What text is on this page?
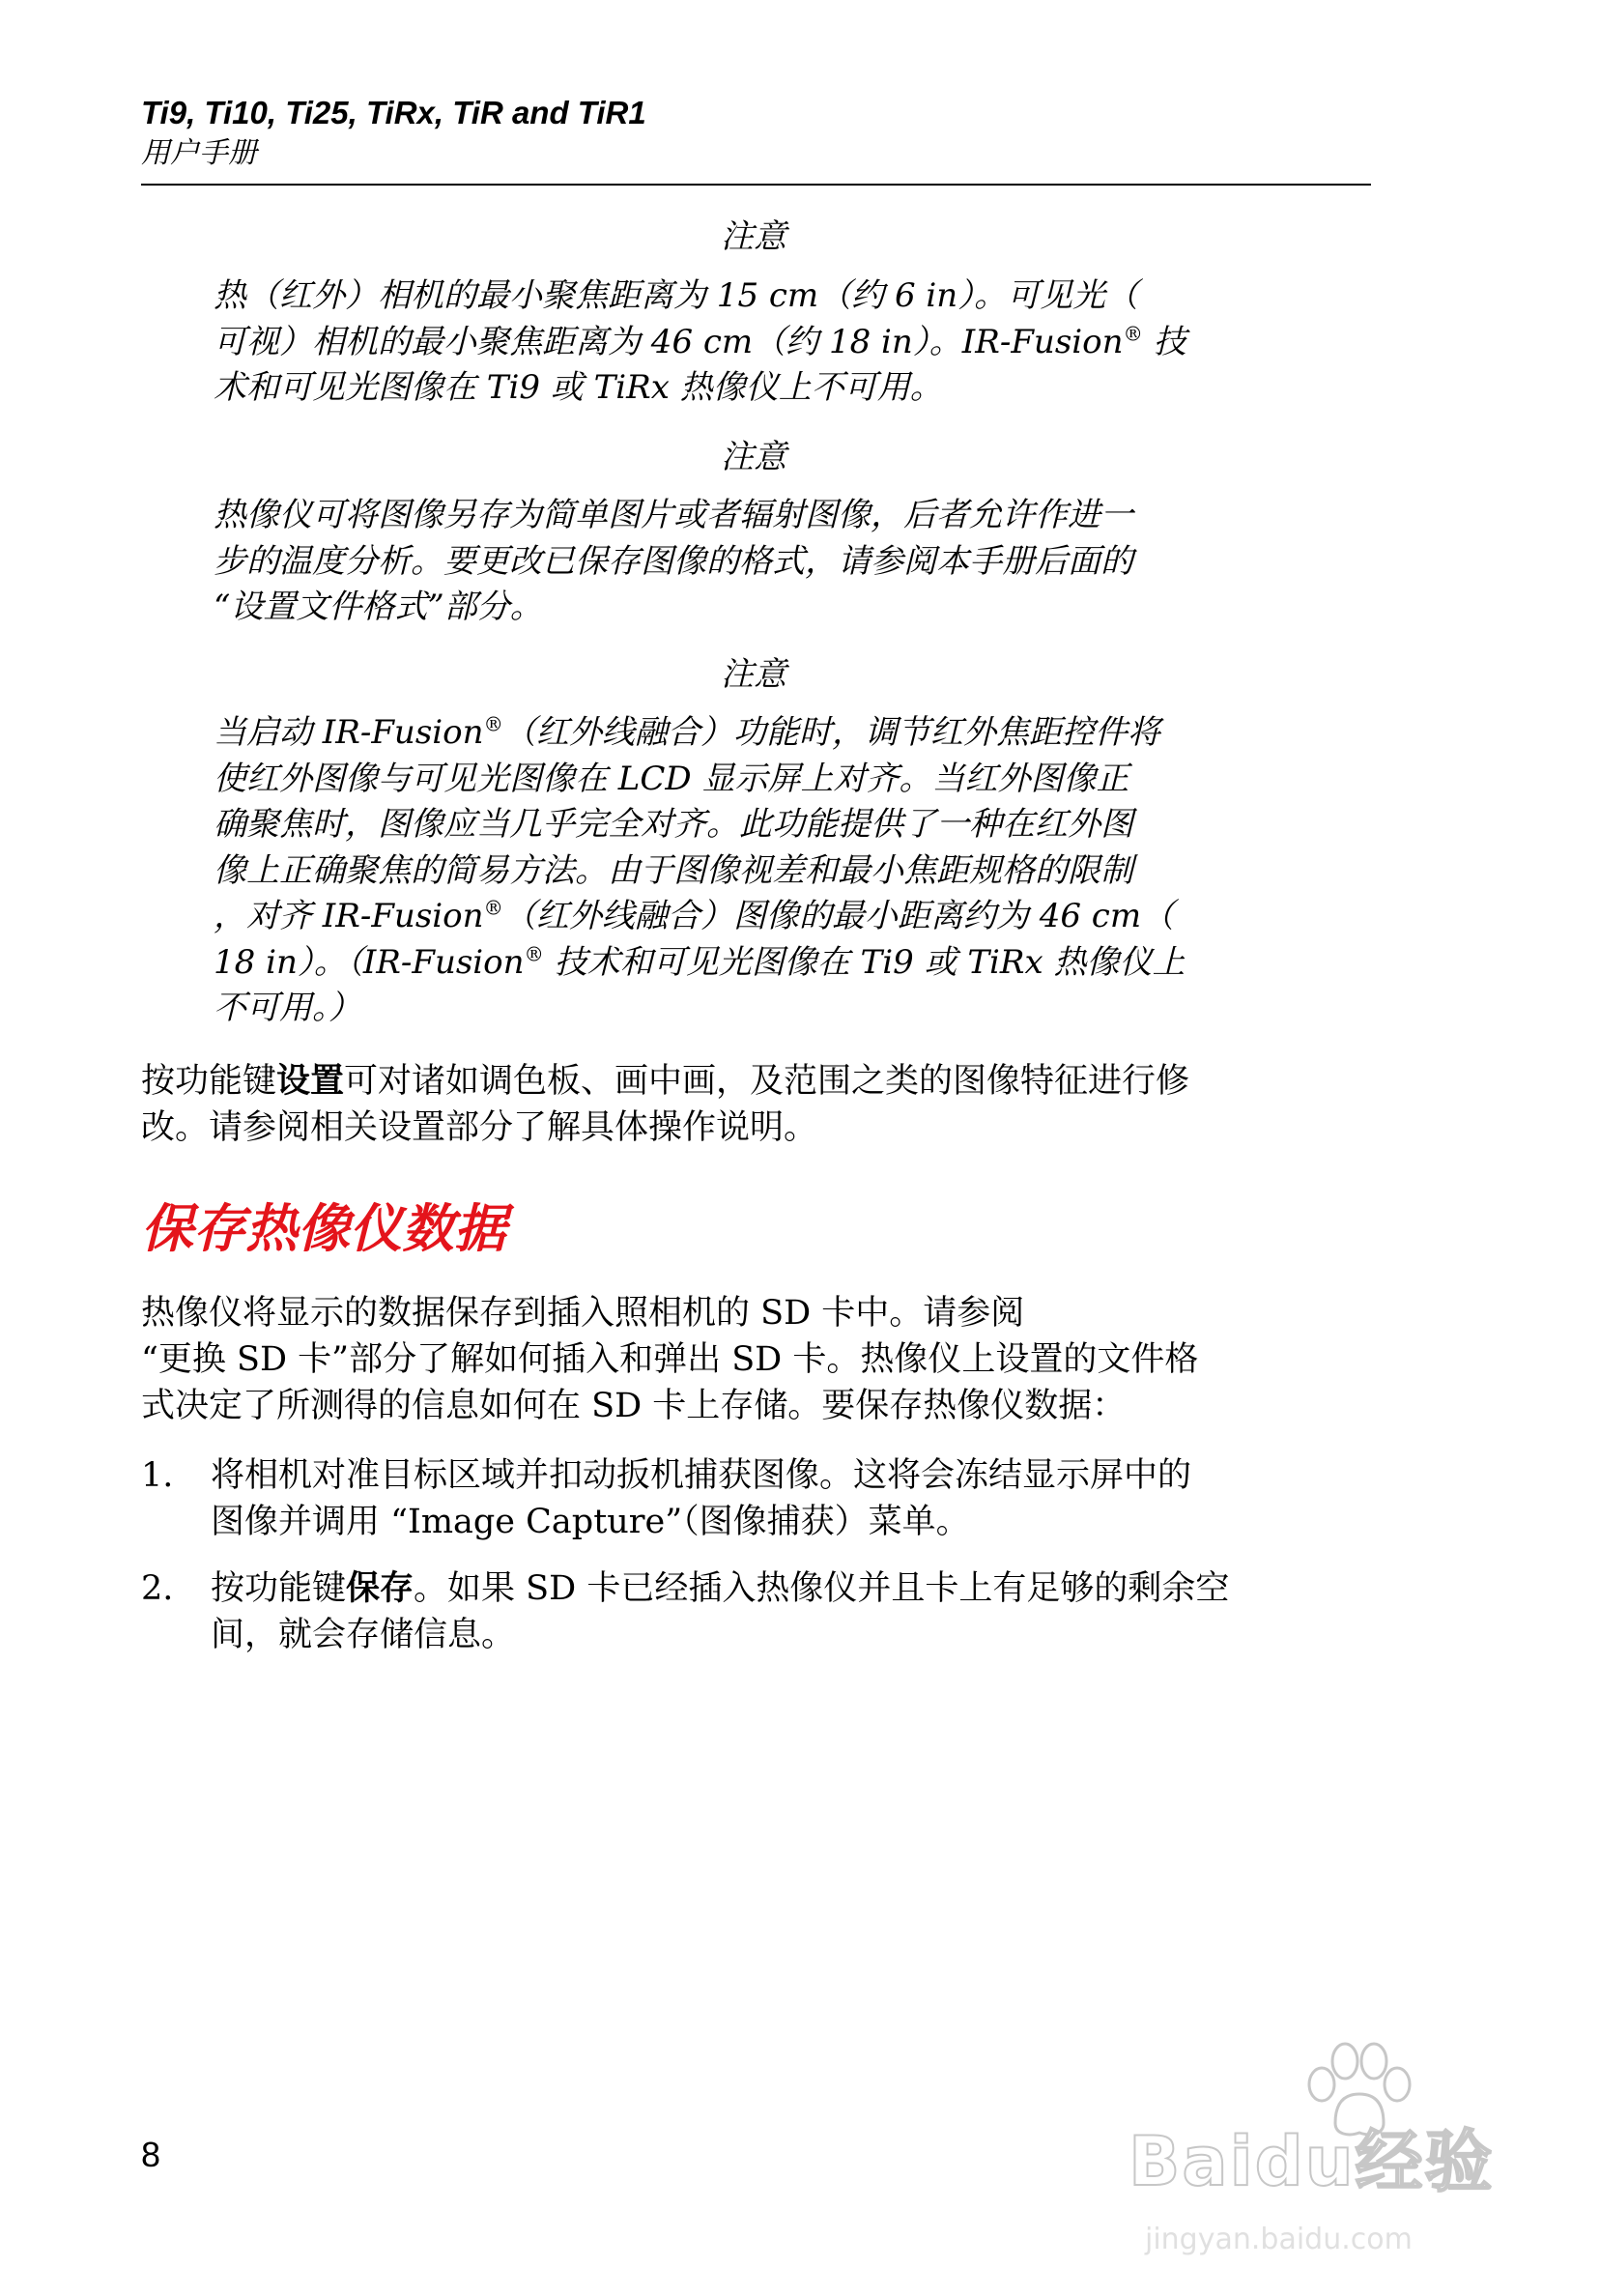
Ti9, Ti10, Ti25, TiRx, TiR and TiR1
用户手册
注意
热（红外）相机的最小聚焦距离为 15 cm（约 6 in）。可见光（
可视）相机的最小聚焦距离为 46 cm（约 18 in）。IR-Fusion® 技
术和可见光图像在 Ti9 或 TiRx 热像仪上不可用。
注意
热像仪可将图像另存为简单图片或者辐射图像，后者允许作进一
步的温度分析。要更改已保存图像的格式，请参阅本手册后面的
“设置文件格式”部分。
注意
当启动 IR-Fusion®（红外线融合）功能时，调节红外焦距控件将
使红外图像与可见光图像在 LCD 显示屏上对齐。当红外图像正
确聚焦时，图像应当几乎完全对齐。此功能提供了一种在红外图
像上正确聚焦的简易方法。由于图像视差和最小焦距规格的限制
，对齐 IR-Fusion®（红外线融合）图像的最小距离约为 46 cm（
18 in）。（IR-Fusion® 技术和可见光图像在 Ti9 或 TiRx 热像仪上
不可用。）
按功能键设置可对诸如调色板、画中画，及范围之类的图像特征进行修
改。请参阅相关设置部分了解具体操作说明。
保存热像仪数据
热像仪将显示的数据保存到插入照相机的 SD 卡中。请参阅
“更换 SD 卡”部分了解如何插入和弹出 SD 卡。热像仪上设置的文件格
式决定了所测得的信息如何在 SD 卡上存储。要保存热像仪数据：
1.	将相机对准目标区域并扣动扳机捕获图像。这将会冻结显示屏中的
图像并调用 “Image Capture”（图像捕获）菜单。
2.	按功能键保存。如果 SD 卡已经插入热像仪并且卡上有足够的剩余空
间，就会存储信息。
8	Baidu经验
jingyan.baidu.com
